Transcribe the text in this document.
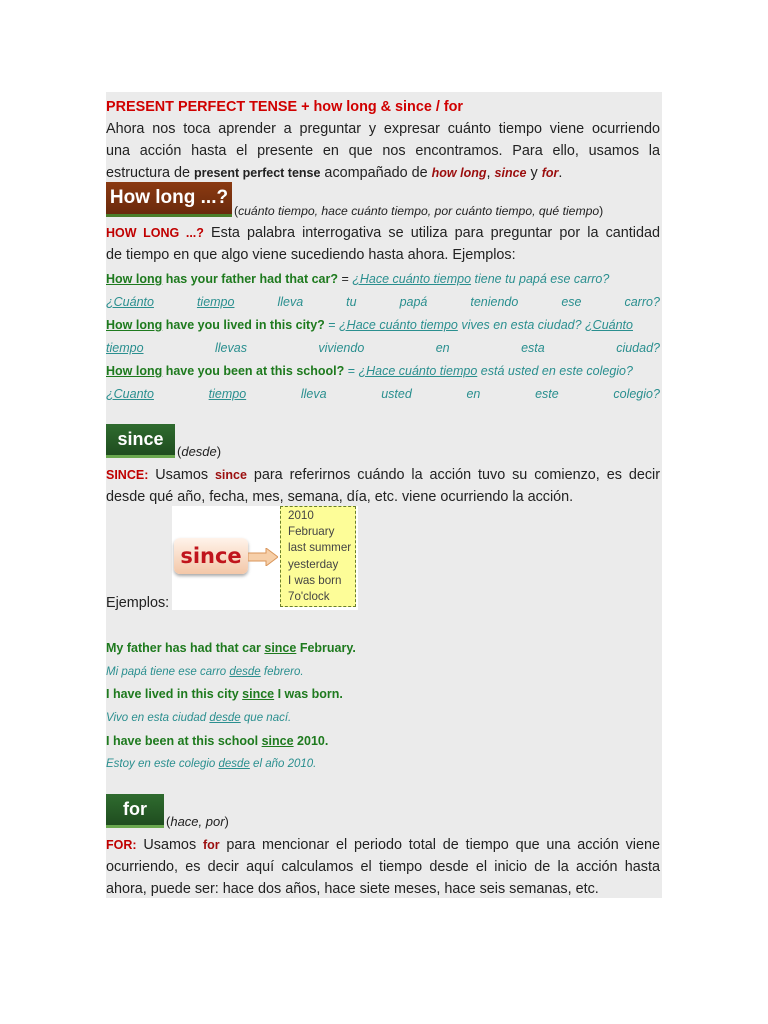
PRESENT PERFECT TENSE + how long & since / for
Ahora nos toca aprender a preguntar y expresar cuánto tiempo viene ocurriendo
una acción hasta el presente en que nos encontramos. Para ello, usamos la
estructura de present perfect tense acompañado de how long, since y for.
How long ...?
(cuánto tiempo, hace cuánto tiempo, por cuánto tiempo, qué tiempo)
HOW LONG ...? Esta palabra interrogativa se utiliza para preguntar por la cantidad
de tiempo en que algo viene sucediendo hasta ahora. Ejemplos:
How long has your father had that car? = ¿Hace cuánto tiempo tiene tu papá ese carro?
¿Cuánto	tiempo	lleva	tu	papá	teniendo	ese	carro?
How long have you lived in this city? = ¿Hace cuánto tiempo vives en esta ciudad? ¿Cuánto
tiempo	llevas	viviendo	en	esta	ciudad?
How long have you been at this school? = ¿Hace cuánto tiempo está usted en este colegio?
¿Cuanto	tiempo	lleva	usted	en	este	colegio?
since
(desde)
SINCE: Usamos since para referirnos cuándo la acción tuvo su comienzo, es decir
desde qué año, fecha, mes, semana, día, etc. viene ocurriendo la acción.
since
2010
February
last summer
yesterday
I was born
7o'clock
Ejemplos:
My father has had that car since February.
Mi papá tiene ese carro desde febrero.
I have lived in this city since I was born.
Vivo en esta ciudad desde que nací.
I have been at this school since 2010.
Estoy en este colegio desde el año 2010.
for
(hace, por)
FOR: Usamos for para mencionar el periodo total de tiempo que una acción viene
ocurriendo, es decir aquí calculamos el tiempo desde el inicio de la acción hasta
ahora, puede ser: hace dos años, hace siete meses, hace seis semanas, etc.
